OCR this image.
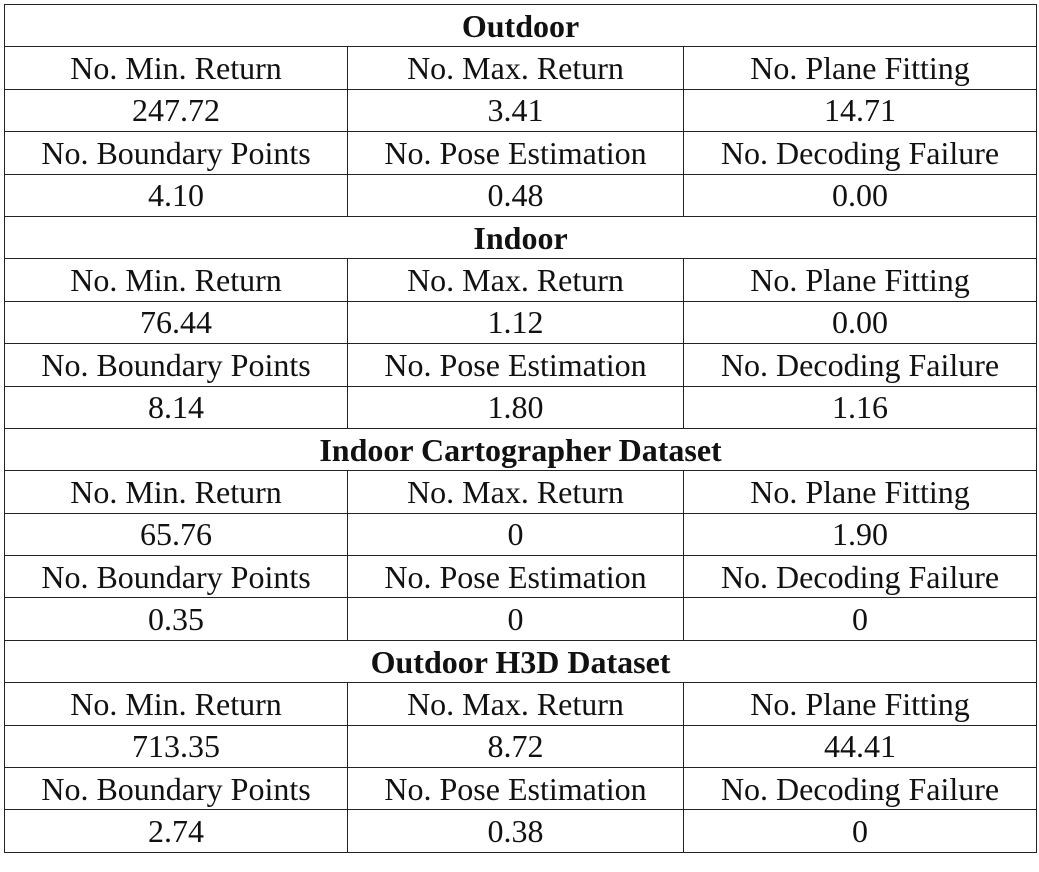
Outdoor		
No. Min. Return	No. Max. Return	No. Plane Fitting
247.72	3.41	14.71
No. Boundary Points	No. Pose Estimation	No. Decoding Failure
4.10	0.48	0.00
Indoor		
No. Min. Return	No. Max. Return	No. Plane Fitting
76.44	1.12	0.00
No. Boundary Points	No. Pose Estimation	No. Decoding Failure
8.14	1.80	1.16
Indoor Cartographer Dataset		
No. Min. Return	No. Max. Return	No. Plane Fitting
65.76	0	1.90
No. Boundary Points	No. Pose Estimation	No. Decoding Failure
0.35	0	0
Outdoor H3D Dataset		
No. Min. Return	No. Max. Return	No. Plane Fitting
713.35	8.72	44.41
No. Boundary Points	No. Pose Estimation	No. Decoding Failure
2.74	0.38	0
